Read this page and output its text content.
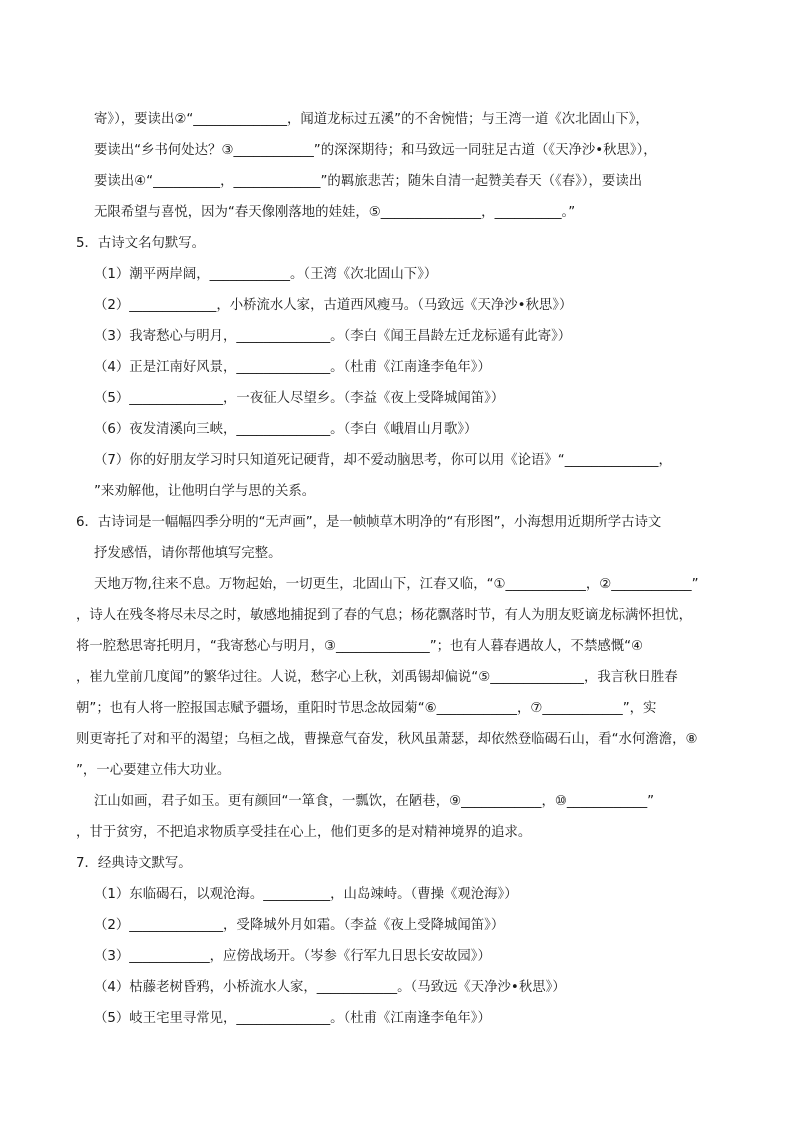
寄》），要读出②“______________，闻道龙标过五溪”的不舍惋惜；与王湾一道《次北固山下》，
要读出“乡书何处达？③____________”的深深期待；和马致远一同驻足古道（《天净沙•秋思》），
要读出④“__________，_____________”的羁旅悲苦；随朱自清一起赞美春天（《春》），要读出
无限希望与喜悦，因为“春天像刚落地的娃娃，⑤_______________，__________。”
5．古诗文名句默写。
（1）潮平两岸阔，____________。（王湾《次北固山下》）
（2）_____________，小桥流水人家，古道西风瘦马。（马致远《天净沙•秋思》）
（3）我寄愁心与明月，______________。（李白《闻王昌龄左迁龙标遥有此寄》）
（4）正是江南好风景，______________。（杜甫《江南逢李龟年》）
（5）______________，一夜征人尽望乡。（李益《夜上受降城闻笛》）
（6）夜发清溪向三峡，______________。（李白《峨眉山月歌》）
（7）你的好朋友学习时只知道死记硬背，却不爱动脑思考，你可以用《论语》“______________，
”来劝解他，让他明白学与思的关系。
6．古诗词是一幅幅四季分明的“无声画”，是一帧帧草木明净的“有形图”，小海想用近期所学古诗文
抒发感悟，请你帮他填写完整。
天地万物,往来不息。万物起始，一切更生，北固山下，江春又临，“①____________，②____________”
，诗人在残冬将尽未尽之时，敏感地捕捉到了春的气息；杨花飘落时节，有人为朋友贬谪龙标满怀担忧，
将一腔愁思寄托明月，“我寄愁心与明月，③______________”；也有人暮春遇故人，不禁感慨“④
，崔九堂前几度闻”的繁华过往。人说，愁字心上秋，刘禹锡却偏说“⑤______________，我言秋日胜春
朝”；也有人将一腔报国志赋予疆场，重阳时节思念故园菊“⑥____________，⑦____________”，实
则更寄托了对和平的渴望；乌桓之战，曹操意气奋发，秋风虽萧瑟，却依然登临碣石山，看“水何澹澹，⑧
”，一心要建立伟大功业。
江山如画，君子如玉。更有颜回“一箪食，一瓢饮，在陋巷，⑨____________，⑩____________”
，甘于贫穷，不把追求物质享受挂在心上，他们更多的是对精神境界的追求。
7．经典诗文默写。
（1）东临碣石，以观沧海。__________，山岛竦峙。（曹操《观沧海》）
（2）______________，受降城外月如霜。（李益《夜上受降城闻笛》）
（3）____________，应傍战场开。（岑参《行军九日思长安故园》）
（4）枯藤老树昏鸦，小桥流水人家，____________。（马致远《天净沙•秋思》）
（5）岐王宅里寻常见，______________。（杜甫《江南逢李龟年》）
